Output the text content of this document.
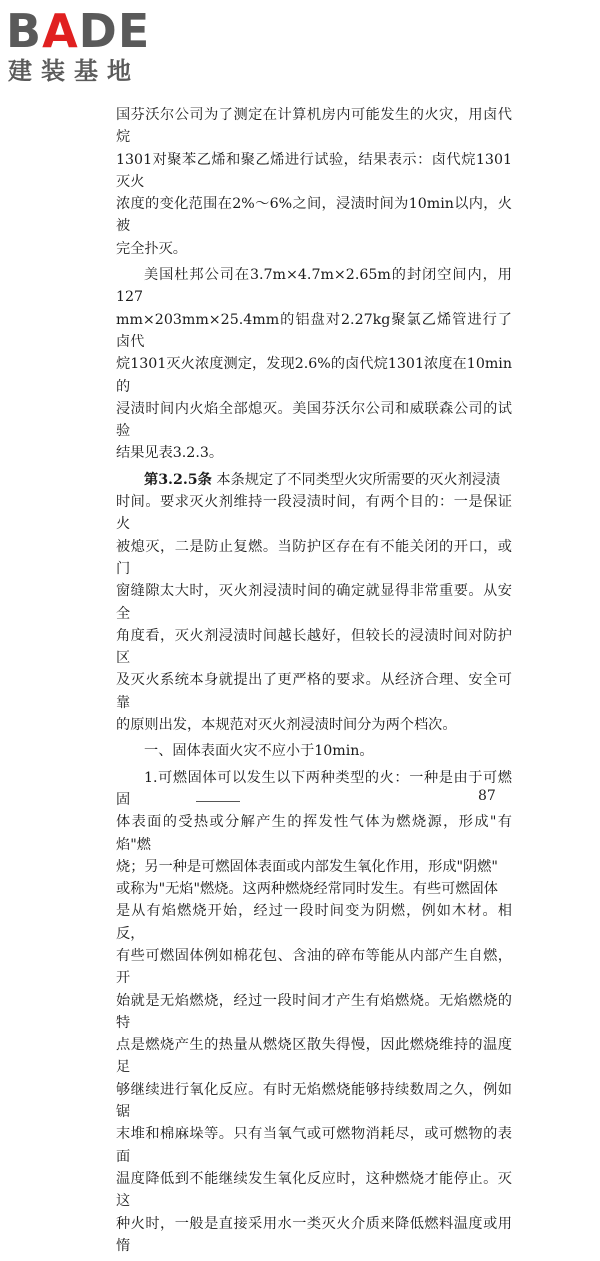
BADE
建装基地

国芬沃尔公司为了测定在计算机房内可能发生的火灾，用卤代烷
1301对聚苯乙烯和聚乙烯进行试验，结果表示：卤代烷1301灭火
浓度的变化范围在2%～6%之间，浸渍时间为10min以内，火被
完全扑灭。

美国杜邦公司在3.7m×4.7m×2.65m的封闭空间内，用127
mm×203mm×25.4mm的铝盘对2.27kg聚氯乙烯管进行了卤代
烷1301灭火浓度测定，发现2.6%的卤代烷1301浓度在10min的
浸渍时间内火焰全部熄灭。美国芬沃尔公司和威联森公司的试验
结果见表3.2.3。

第3.2.5条 本条规定了不同类型火灾所需要的灭火剂浸渍
时间。要求灭火剂维持一段浸渍时间，有两个目的：一是保证火
被熄灭，二是防止复燃。当防护区存在有不能关闭的开口，或门
窗缝隙太大时，灭火剂浸渍时间的确定就显得非常重要。从安全
角度看，灭火剂浸渍时间越长越好，但较长的浸渍时间对防护区
及灭火系统本身就提出了更严格的要求。从经济合理、安全可靠
的原则出发，本规范对灭火剂浸渍时间分为两个档次。

一、固体表面火灾不应小于10min。

1.可燃固体可以发生以下两种类型的火：一种是由于可燃固
体表面的受热或分解产生的挥发性气体为燃烧源，形成"有焰"燃
烧；另一种是可燃固体表面或内部发生氧化作用，形成"阴燃"
或称为"无焰"燃烧。这两种燃烧经常同时发生。有些可燃固体
是从有焰燃烧开始，经过一段时间变为阴燃，例如木材。相反，
有些可燃固体例如棉花包、含油的碎布等能从内部产生自燃，开
始就是无焰燃烧，经过一段时间才产生有焰燃烧。无焰燃烧的特
点是燃烧产生的热量从燃烧区散失得慢，因此燃烧维持的温度足
够继续进行氧化反应。有时无焰燃烧能够持续数周之久，例如锯
末堆和棉麻垛等。只有当氧气或可燃物消耗尽，或可燃物的表面
温度降低到不能继续发生氧化反应时，这种燃烧才能停止。灭这
种火时，一般是直接采用水一类灭火介质来降低燃料温度或用惰

87
